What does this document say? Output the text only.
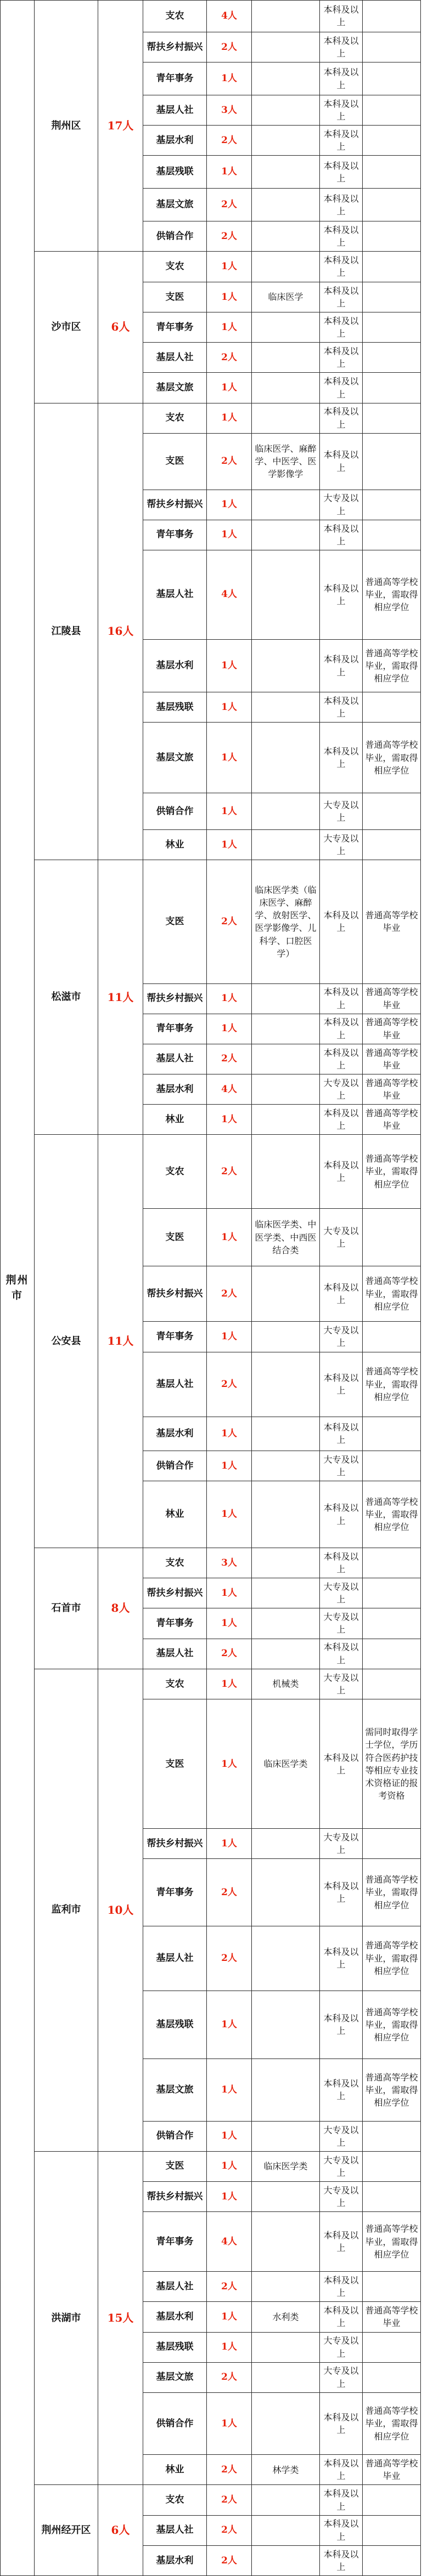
荆州市	荆州区	17人	支农	4人		本科及以上	
			帮扶乡村振兴	2人		本科及以上	
			青年事务	1人		本科及以上	
			基层人社	3人		本科及以上	
			基层水利	2人		本科及以上	
			基层残联	1人		本科及以上	
			基层文旅	2人		本科及以上	
			供销合作	2人		本科及以上	
	沙市区	6人	支农	1人		本科及以上	
			支医	1人	临床医学	本科及以上	
			青年事务	1人		本科及以上	
			基层人社	2人		本科及以上	
			基层文旅	1人		本科及以上	
	江陵县	16人	支农	1人		本科及以上	
			支医	2人	临床医学、麻醉学、中医学、医学影像学	本科及以上	
			帮扶乡村振兴	1人		大专及以上	
			青年事务	1人		本科及以上	
			基层人社	4人		本科及以上	普通高等学校毕业，需取得相应学位
			基层水利	1人		本科及以上	普通高等学校毕业，需取得相应学位
			基层残联	1人		本科及以上	
			基层文旅	1人		本科及以上	普通高等学校毕业，需取得相应学位
			供销合作	1人		大专及以上	
			林业	1人		大专及以上	
	松滋市	11人	支医	2人	临床医学类（临床医学、麻醉学、放射医学、医学影像学、儿科学、口腔医学）	本科及以上	普通高等学校毕业
			帮扶乡村振兴	1人		本科及以上	普通高等学校毕业
			青年事务	1人		本科及以上	普通高等学校毕业
			基层人社	2人		本科及以上	普通高等学校毕业
			基层水利	4人		大专及以上	普通高等学校毕业
			林业	1人		本科及以上	普通高等学校毕业
	公安县	11人	支农	2人		本科及以上	普通高等学校毕业，需取得相应学位
			支医	1人	临床医学类、中医学类、中西医结合类	大专及以上	
			帮扶乡村振兴	2人		本科及以上	普通高等学校毕业，需取得相应学位
			青年事务	1人		大专及以上	
			基层人社	2人		本科及以上	普通高等学校毕业，需取得相应学位
			基层水利	1人		本科及以上	
			供销合作	1人		大专及以上	
			林业	1人		本科及以上	普通高等学校毕业，需取得相应学位
	石首市	8人	支农	3人		本科及以上	
			帮扶乡村振兴	1人		大专及以上	
			青年事务	1人		大专及以上	
			基层人社	2人		本科及以上	
	监利市	10人	支农	1人	机械类	大专及以上	
			支医	1人	临床医学类	本科及以上	需同时取得学士学位，学历符合医药护技等相应专业技术资格证的报考资格
			帮扶乡村振兴	1人		大专及以上	
			青年事务	2人		本科及以上	普通高等学校毕业，需取得相应学位
			基层人社	2人		本科及以上	普通高等学校毕业，需取得相应学位
			基层残联	1人		本科及以上	普通高等学校毕业，需取得相应学位
			基层文旅	1人		本科及以上	普通高等学校毕业，需取得相应学位
			供销合作	1人		大专及以上	
	洪湖市	15人	支医	1人	临床医学类	大专及以上	
			帮扶乡村振兴	1人		大专及以上	
			青年事务	4人		本科及以上	普通高等学校毕业，需取得相应学位
			基层人社	2人		本科及以上	
			基层水利	1人	水利类	本科及以上	普通高等学校毕业
			基层残联	1人		大专及以上	
			基层文旅	2人		大专及以上	
			供销合作	1人		本科及以上	普通高等学校毕业，需取得相应学位
			林业	2人	林学类	本科及以上	普通高等学校毕业
	荆州经开区	6人	支农	2人		本科及以上	
			基层人社	2人		本科及以上	
			基层水利	2人		本科及以上	
